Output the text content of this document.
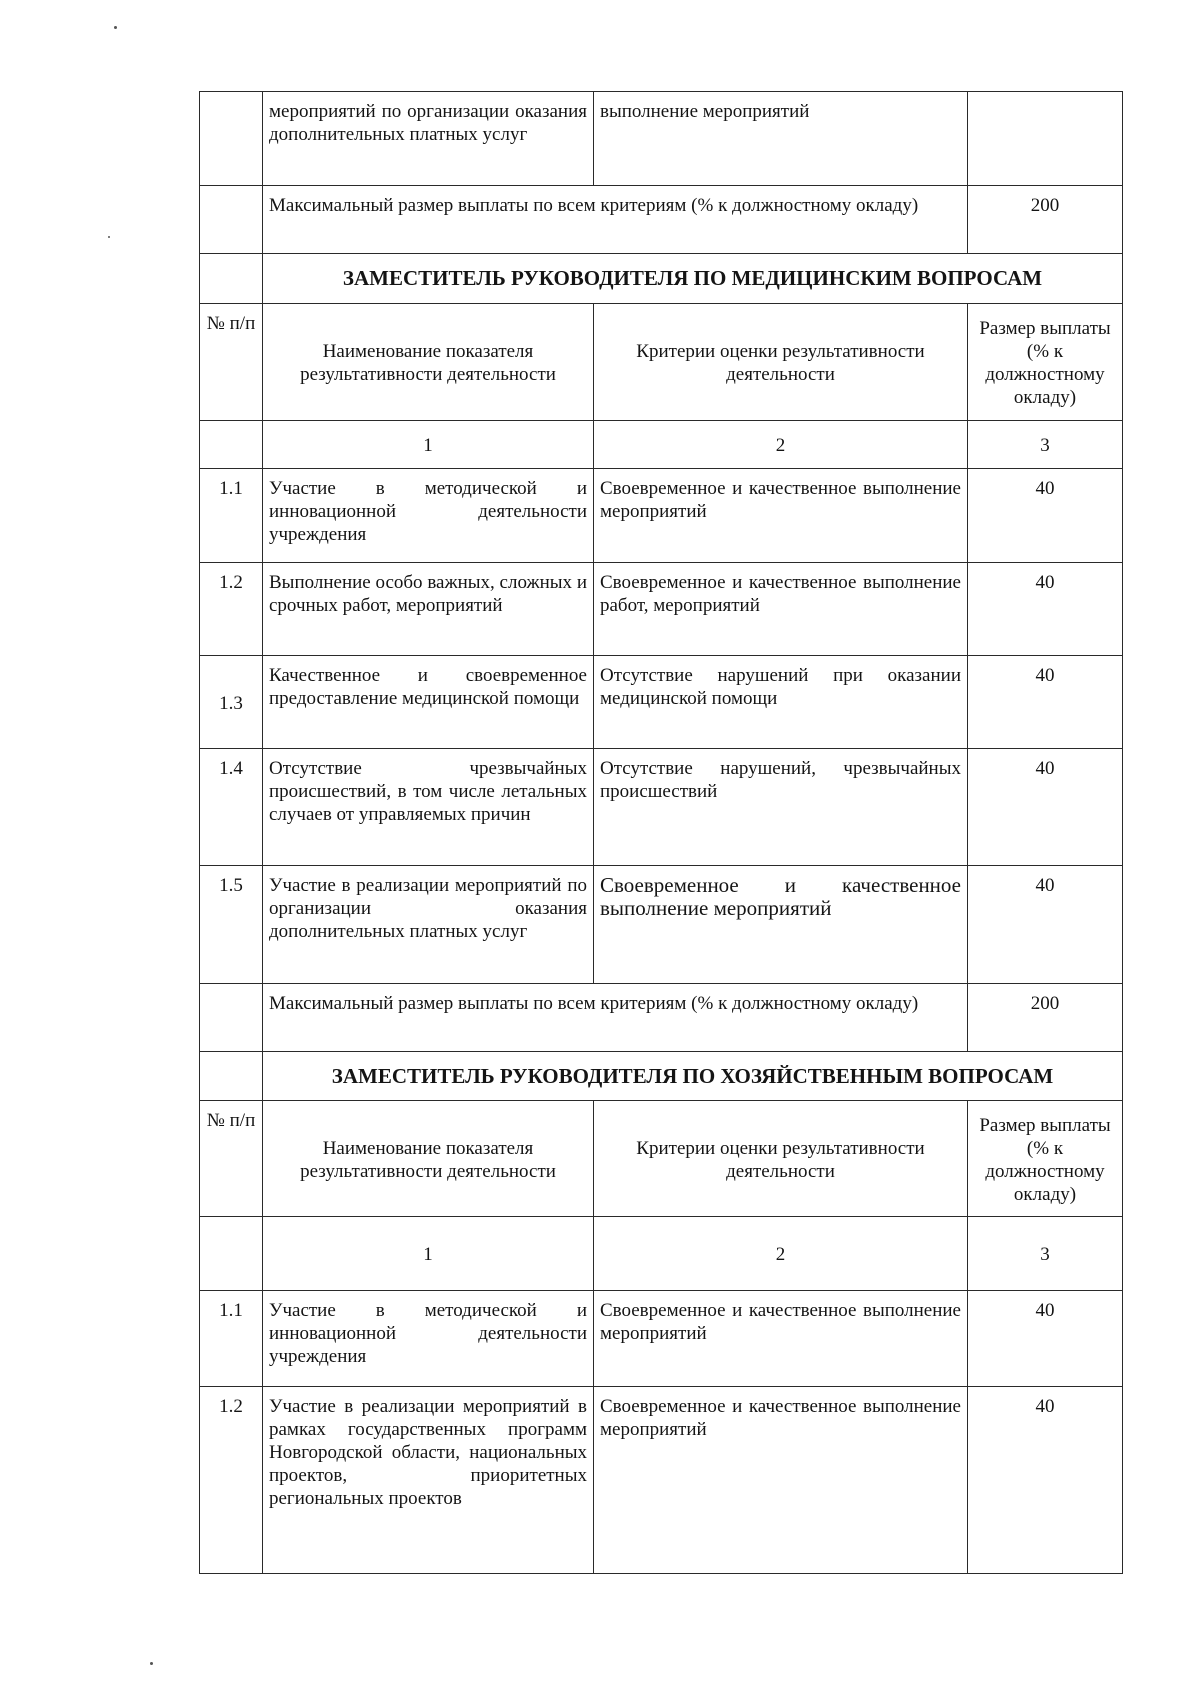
	мероприятий по организации оказания дополнительных платных услуг	выполнение мероприятий	
	Максимальный размер выплаты по всем критериям (% к должностному окладу)		200
	ЗАМЕСТИТЕЛЬ РУКОВОДИТЕЛЯ ПО МЕДИЦИНСКИМ ВОПРОСАМ		
№ п/п	Наименование показателя результативности деятельности	Критерии оценки результативности деятельности	Размер выплаты (% к должностному окладу)
	1	2	3
1.1	Участие в методической и инновационной деятельности учреждения	Своевременное и качественное выполнение мероприятий	40
1.2	Выполнение особо важных, сложных и срочных работ, мероприятий	Своевременное и качественное выполнение работ, мероприятий	40
1.3	Качественное и своевременное предоставление медицинской помощи	Отсутствие нарушений при оказании медицинской помощи	40
1.4	Отсутствие чрезвычайных происшествий, в том числе летальных случаев от управляемых причин	Отсутствие нарушений, чрезвычайных происшествий	40
1.5	Участие в реализации мероприятий по организации оказания дополнительных платных услуг	Своевременное и качественное выполнение мероприятий	40
	Максимальный размер выплаты по всем критериям (% к должностному окладу)		200
	ЗАМЕСТИТЕЛЬ РУКОВОДИТЕЛЯ ПО ХОЗЯЙСТВЕННЫМ ВОПРОСАМ		
№ п/п	Наименование показателя результативности деятельности	Критерии оценки результативности деятельности	Размер выплаты (% к должностному окладу)
	1	2	3
1.1	Участие в методической и инновационной деятельности учреждения	Своевременное и качественное выполнение мероприятий	40
1.2	Участие в реализации мероприятий в рамках государственных программ Новгородской области, национальных проектов, приоритетных региональных проектов	Своевременное и качественное выполнение мероприятий	40
